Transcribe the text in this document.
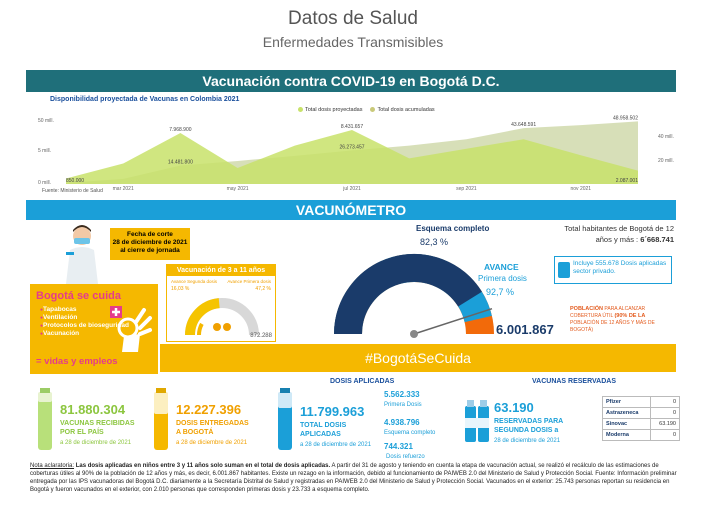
Datos de Salud
Enfermedades Transmisibles
Vacunación contra COVID-19 en Bogotá D.C.
Disponibilidad proyectada de Vacunas en Colombia 2021
Total dosis proyectadas	Total dosis acumuladas
50 mill.
5 mill.
0 mill.
40 mill.
20 mill.
mar 2021	may 2021	jul 2021	sep 2021	nov 2021
850.000
7.968.900
14.481.800
8.431.657
26.273.457
43.648.591
48.958.502
2.087.001
Fuente: Ministerio de Salud
VACUNÓMETRO
Fecha de corte
28 de diciembre de 2021
al cierre de jornada
Vacunación de 3 a 11 años
Avance Segunda dosis Avance Primera dosis
16,03 %	47,2 %
872.288
Bogotá se cuida
● Tapabocas
● Ventilación
● Protocolos de bioseguridad
● Vacunación
= vidas y empleos
Esquema completo
82,3 %
AVANCE
Primera dosis
92,7 %
6.001.867
Total habitantes de Bogotá de 12 años y más : 6´668.741
Incluye 555.678 Dosis aplicadas sector privado.
POBLACIÓN PARA ALCANZAR COBERTURA ÚTIL (90% DE LA POBLACIÓN DE 12 AÑOS Y MÁS DE BOGOTÁ)
#BogotáSeCuida
DOSIS APLICADAS	VACUNAS RESERVADAS
81.880.304
VACUNAS RECIBIDAS
POR EL PAÍS
a 28 de diciembre de 2021
12.227.396
DOSIS ENTREGADAS
A BOGOTÁ
a 28 de diciembre de 2021
11.799.963
TOTAL DOSIS
APLICADAS
a 28 de diciembre de 2021
5.562.333
Primera Dosis
4.938.796
Esquema completo
744.321
Dosis refuerzo
63.190
RESERVADAS PARA
SEGUNDA DOSIS a
28 de diciembre de 2021
Pfizer	0
Astrazeneca	0
Sinovac	63.190
Moderna	0
Nota aclaratoria: Las dosis aplicadas en niños entre 3 y 11 años solo suman en el total de dosis aplicadas. A partir del 31 de agosto y teniendo en cuenta la etapa de vacunación actual, se realizó el recálculo de las estimaciones de coberturas útiles al 90% de la población de 12 años y más, es decir, 6.001.867 habitantes. Existe un rezago en la información, debido al funcionamiento de PAIWEB 2.0 del Ministerio de Salud y Protección Social. Fuente: Información preliminar entregada por las IPS vacunadoras del Bogotá D.C. diariamente a la Secretaría Distrital de Salud y registradas en PAIWEB 2.0 del Ministerio de Salud y Protección Social. Vacunados en el exterior: 25.743 personas reportan su residencia en Bogotá y fueron vacunados en el exterior, con 2.010 personas que corresponden primeras dosis y 23.733 a esquema completo.
